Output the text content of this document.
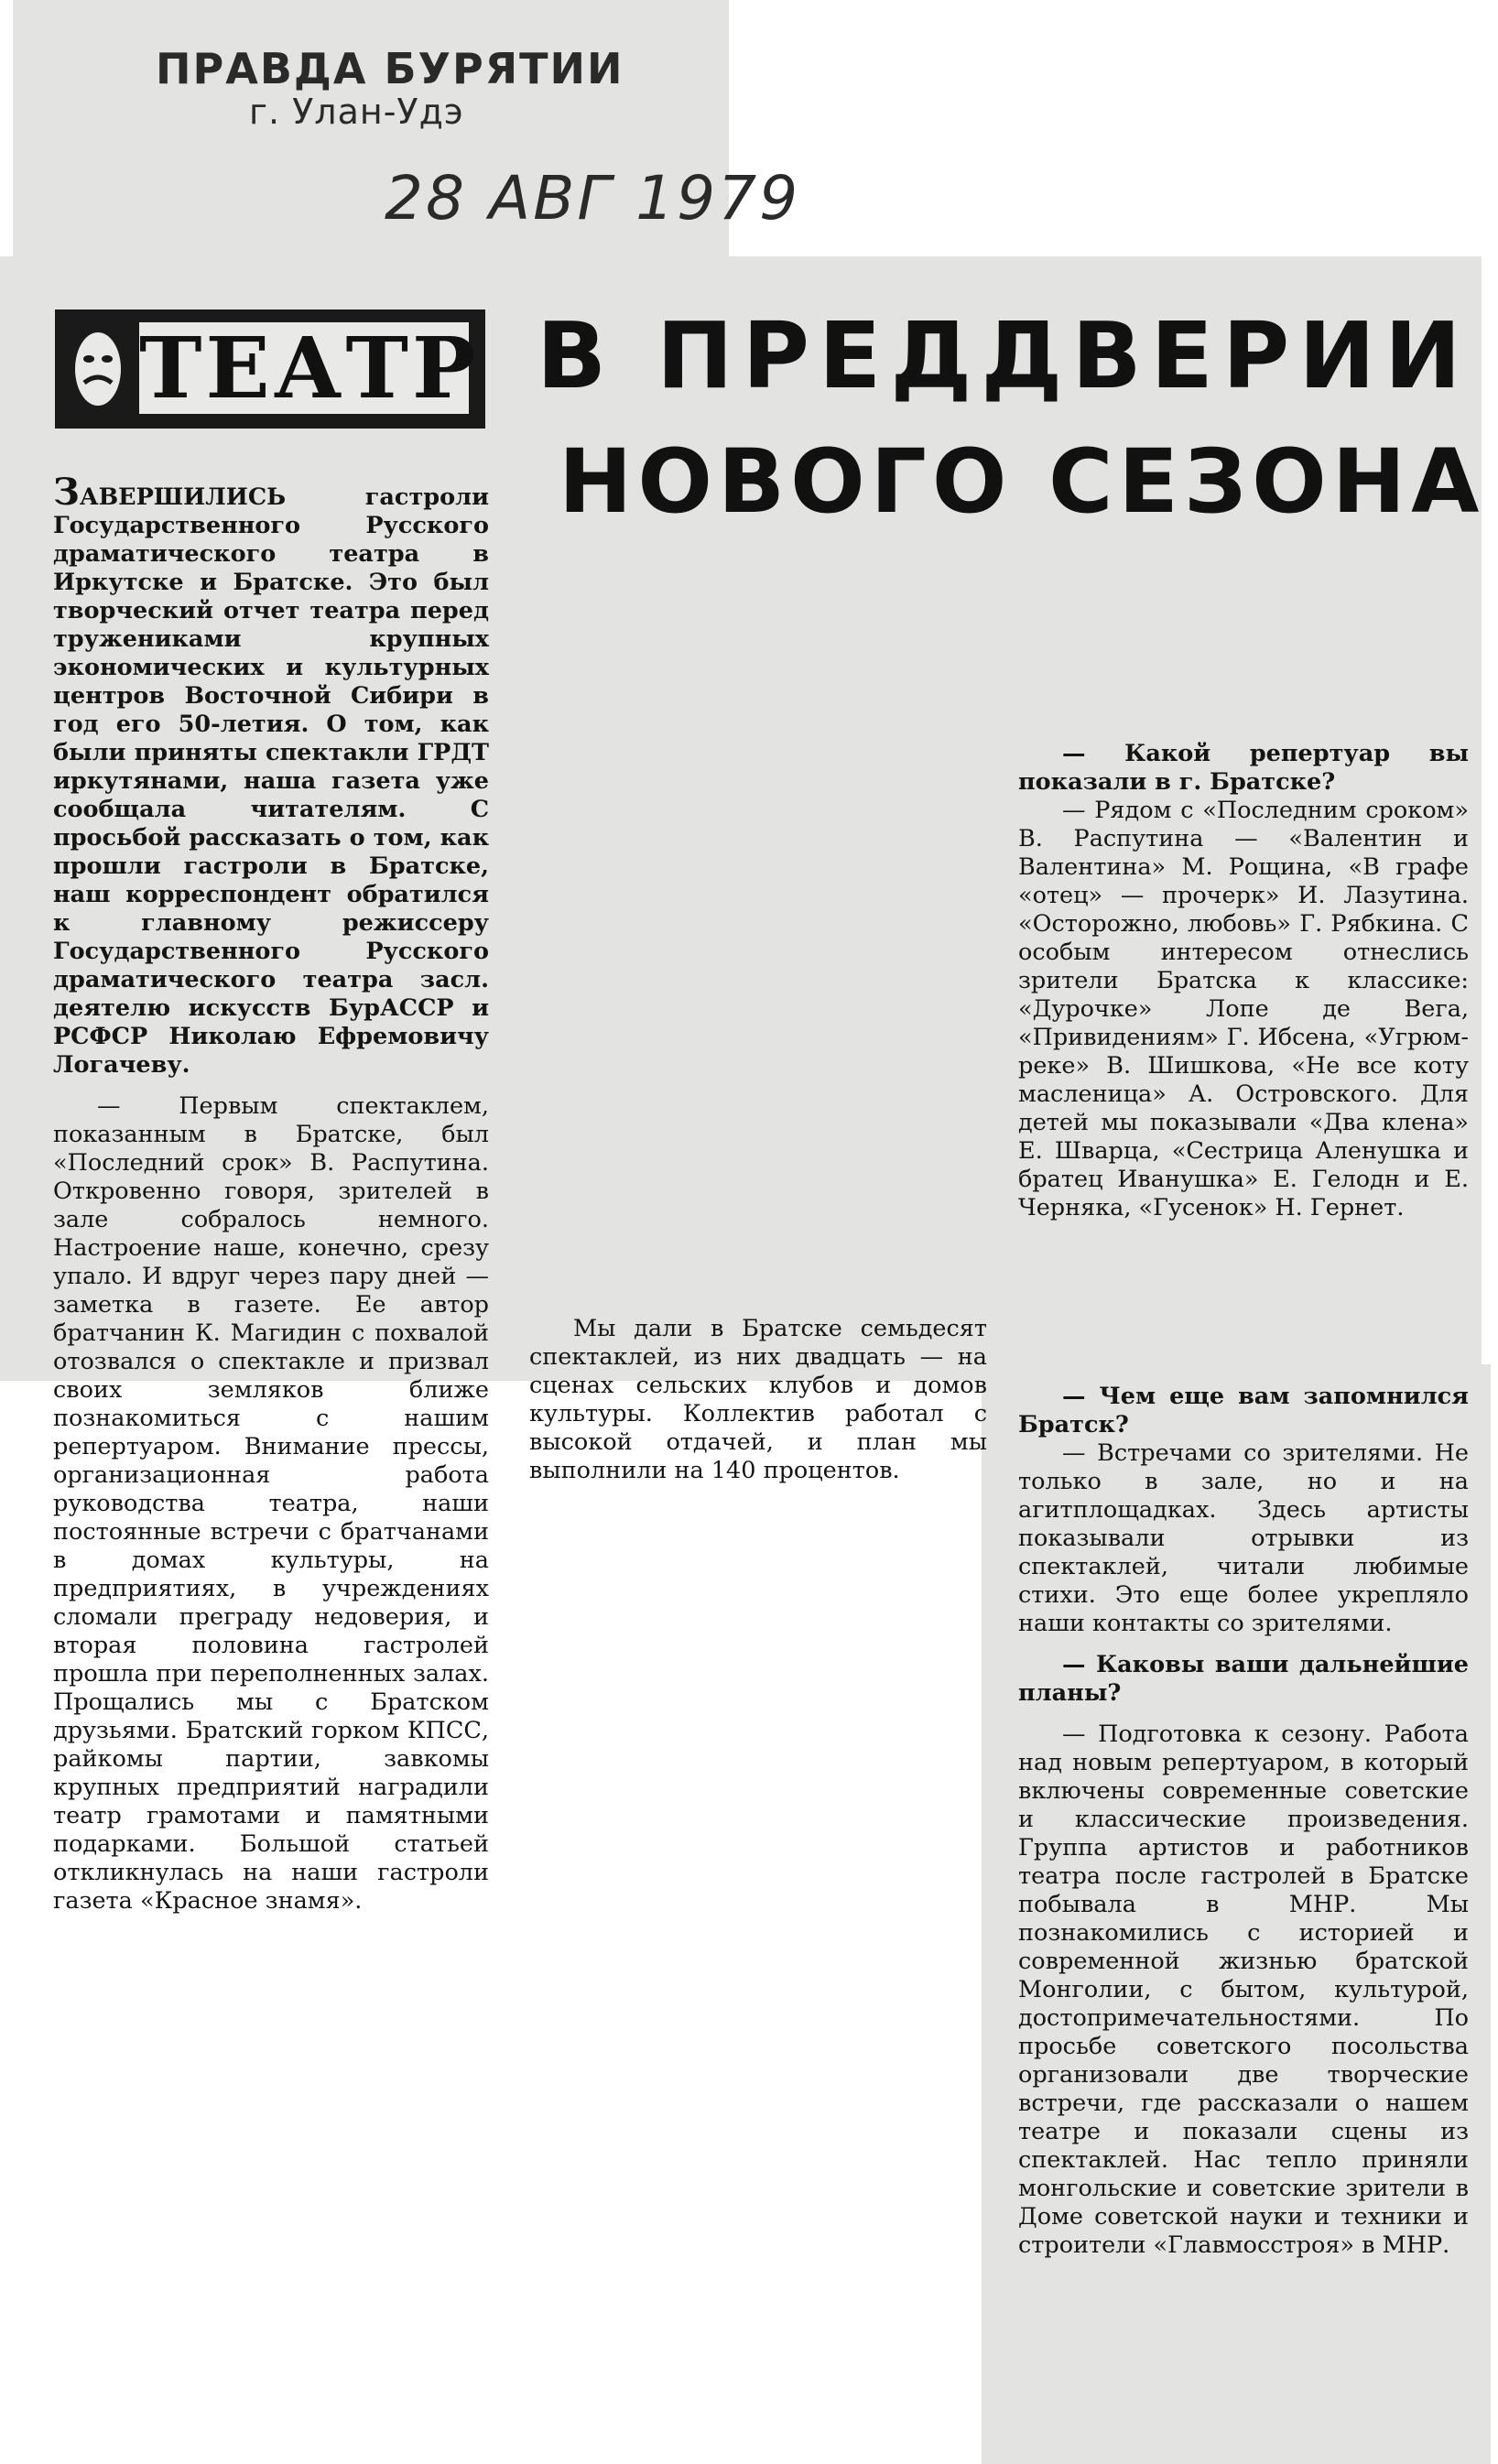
ПРАВДА БУРЯТИИ
г. Улан-Удэ
28 АВГ 1979
ТЕАТР В ПРЕДДВЕРИИ
НОВОГО СЕЗОНА

ЗАВЕРШИЛИСЬ гастроли Государственного Русского драматического театра в Иркутске и Братске. Это был творческий отчет театра перед тружениками крупных экономических и культурных центров Восточной Сибири в год его 50-летия. О том, как были приняты спектакли ГРДТ иркутянами, наша газета уже сообщала читателям. С просьбой рассказать о том, как прошли гастроли в Братске, наш корреспондент обратился к главному режиссеру Государственного Русского драматического театра засл. деятелю искусств БурАССР и РСФСР Николаю Ефремовичу Логачеву.

— Первым спектаклем, показанным в Братске, был «Последний срок» В. Распутина. Откровенно говоря, зрителей в зале собралось немного. Настроение наше, конечно, срезу упало. И вдруг через пару дней — заметка в газете. Ее автор братчанин К. Магидин с похвалой отозвался о спектакле и призвал своих земляков ближе познакомиться с нашим репертуаром. Внимание прессы, организационная работа руководства театра, наши постоянные встречи с братчанами в домах культуры, на предприятиях, в учреждениях сломали преграду недоверия, и вторая половина гастролей прошла при переполненных залах. Прощались мы с Братском друзьями. Братский горком КПСС, райкомы партии, завкомы крупных предприятий наградили театр грамотами и памятными подарками. Большой статьей откликнулась на наши гастроли газета «Красное знамя».

Мы дали в Братске семьдесят спектаклей, из них двадцать — на сценах сельских клубов и домов культуры. Коллектив работал с высокой отдачей, и план мы выполнили на 140 процентов.

— Какой репертуар вы показали в г. Братске?

— Рядом с «Последним сроком» В. Распутина — «Валентин и Валентина» М. Рощина, «В графе «отец» — прочерк» И. Лазутина. «Осторожно, любовь» Г. Рябкина. С особым интересом отнеслись зрители Братска к классике: «Дурочке» Лопе де Вега, «Привидениям» Г. Ибсена, «Угрюм-реке» В. Шишкова, «Не все коту масленица» А. Островского. Для детей мы показывали «Два клена» Е. Шварца, «Сестрица Аленушка и братец Иванушка» Е. Гелодн и Е. Черняка, «Гусенок» Н. Гернет.

— Чем еще вам запомнился Братск?

— Встречами со зрителями. Не только в зале, но и на агитплощадках. Здесь артисты показывали отрывки из спектаклей, читали любимые стихи. Это еще более укрепляло наши контакты со зрителями.

— Каковы ваши дальнейшие планы?

— Подготовка к сезону. Работа над новым репертуаром, в который включены современные советские и классические произведения. Группа артистов и работников театра после гастролей в Братске побывала в МНР. Мы познакомились с историей и современной жизнью братской Монголии, с бытом, культурой, достопримечательностями. По просьбе советского посольства организовали две творческие встречи, где рассказали о нашем театре и показали сцены из спектаклей. Нас тепло приняли монгольские и советские зрители в Доме советской науки и техники и строители «Главмосстроя» в МНР.
